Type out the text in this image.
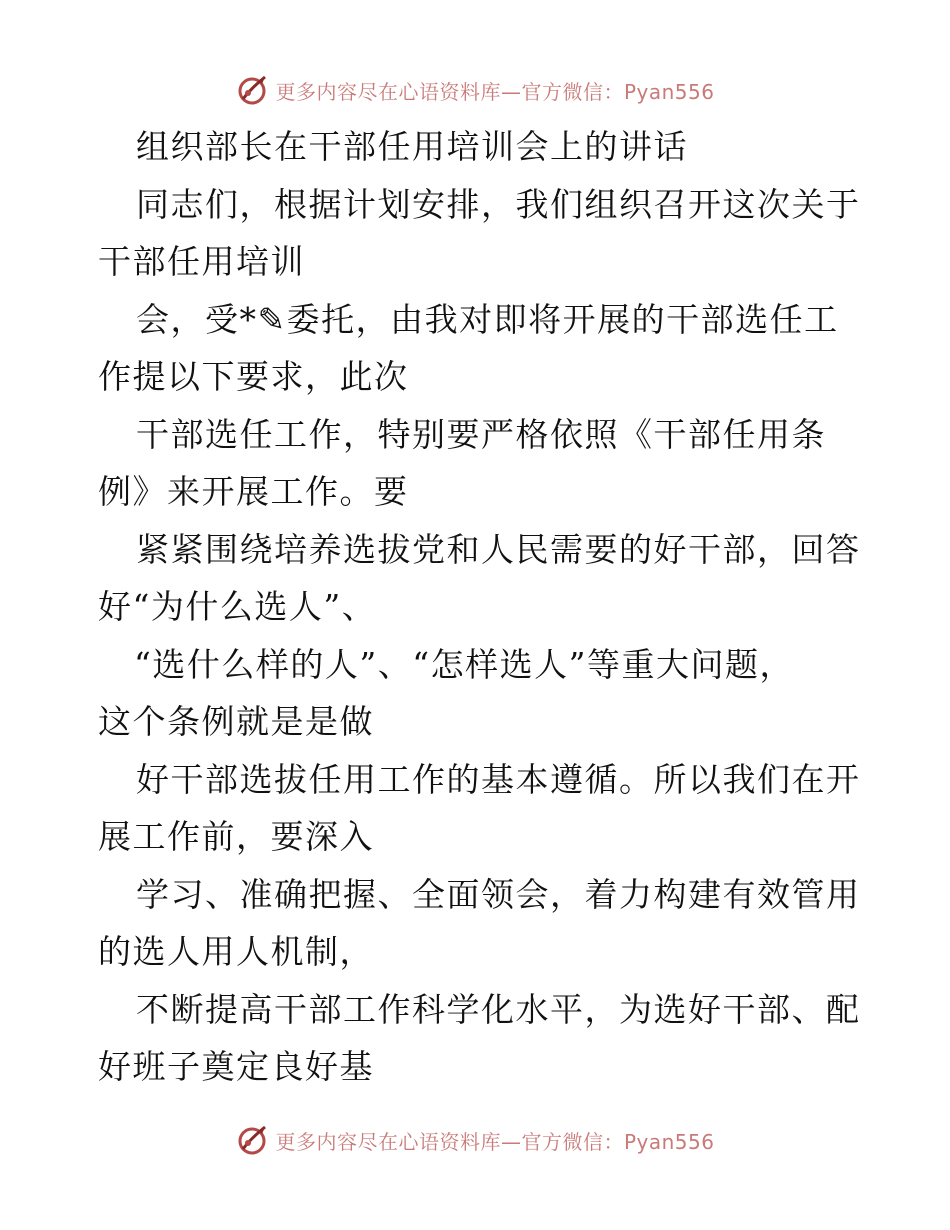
更多内容尽在心语资料库—官方微信：Pyan556
组织部长在干部任用培训会上的讲话
同志们，根据计划安排，我们组织召开这次关于
干部任用培训
会，受*✎委托，由我对即将开展的干部选任工
作提以下要求，此次
干部选任工作，特别要严格依照《干部任用条
例》来开展工作。要
紧紧围绕培养选拔党和人民需要的好干部，回答
好“为什么选人”、
“选什么样的人”、“怎样选人”等重大问题，
这个条例就是是做
好干部选拔任用工作的基本遵循。所以我们在开
展工作前，要深入
学习、准确把握、全面领会，着力构建有效管用
的选人用人机制，
不断提高干部工作科学化水平，为选好干部、配
好班子奠定良好基
更多内容尽在心语资料库—官方微信：Pyan556
